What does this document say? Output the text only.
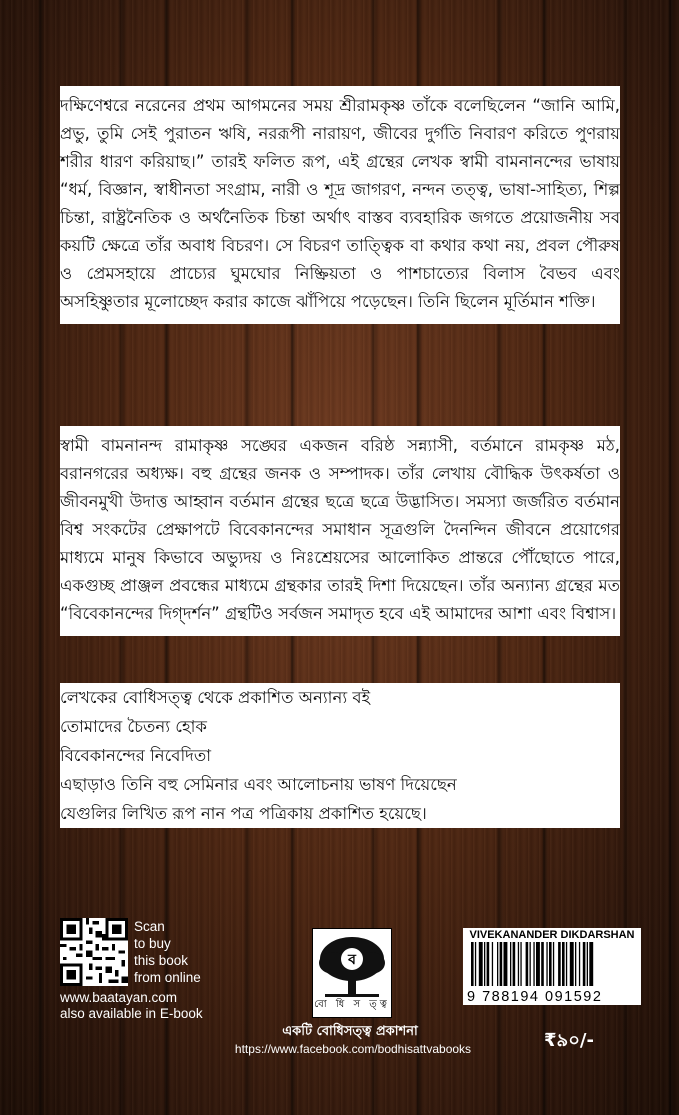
দক্ষিণেশ্বরে নরেনের প্রথম আগমনের সময় শ্রীরামকৃষ্ণ তাঁকে বলেছিলেন “জানি আমি, প্রভু, তুমি সেই পুরাতন ঋষি, নররূপী নারায়ণ, জীবের দুর্গতি নিবারণ করিতে পুণরায় শরীর ধারণ করিয়াছ।” তারই ফলিত রূপ, এই গ্রন্থের লেখক স্বামী বামনানন্দের ভাষায় “ধর্ম, বিজ্ঞান, স্বাধীনতা সংগ্রাম, নারী ও শূদ্র জাগরণ, নন্দন তত্ত্ব, ভাষা-সাহিত্য, শিল্প চিন্তা, রাষ্ট্রনৈতিক ও অর্থনৈতিক চিন্তা অর্থাৎ বাস্তব ব্যবহারিক জগতে প্রয়োজনীয় সব কয়টি ক্ষেত্রে তাঁর অবাধ বিচরণ। সে বিচরণ তাত্ত্বিক বা কথার কথা নয়, প্রবল পৌরুষ ও প্রেমসহায়ে প্রাচ্যের ঘুমঘোর নিষ্ক্রিয়তা ও পাশচাত্যের বিলাস বৈভব এবং অসহিষ্ণুতার মূলোচ্ছেদ করার কাজে ঝাঁপিয়ে পড়েছেন। তিনি ছিলেন মূর্তিমান শক্তি।
স্বামী বামনানন্দ রামাকৃষ্ণ সঙ্ঘের একজন বরিষ্ঠ সন্ন্যাসী, বর্তমানে রামকৃষ্ণ মঠ, বরানগরের অধ্যক্ষ। বহু গ্রন্থের জনক ও সম্পাদক। তাঁর লেখায় বৌদ্ধিক উৎকর্ষতা ও জীবনমুখী উদাত্ত আহ্বান বর্তমান গ্রন্থের ছত্রে ছত্রে উদ্ভাসিত। সমস্যা জর্জরিত বর্তমান বিশ্ব সংকটের প্রেক্ষাপটে বিবেকানন্দের সমাধান সূত্রগুলি দৈনন্দিন জীবনে প্রয়োগের মাধ্যমে মানুষ কিভাবে অভ্যুদয় ও নিঃশ্রেয়সের আলোকিত প্রান্তরে পৌঁছোতে পারে, একগুচ্ছ প্রাঞ্জল প্রবন্ধের মাধ্যমে গ্রন্থকার তারই দিশা দিয়েছেন। তাঁর অন্যান্য গ্রন্থের মত “বিবেকানন্দের দিগ্‌দর্শন” গ্রন্থটিও সর্বজন সমাদৃত হবে এই আমাদের আশা এবং বিশ্বাস।
লেখকের বোধিসত্ত্ব থেকে প্রকাশিত অন্যান্য বই
তোমাদের চৈতন্য হোক
বিবেকানন্দের নিবেদিতা
এছাড়াও তিনি বহু সেমিনার এবং আলোচনায় ভাষণ দিয়েছেন
যেগুলির লিখিত রূপ নান পত্র পত্রিকায় প্রকাশিত হয়েছে।
Scan
to buy
this book
from online
www.baatayan.com
also available in E-book
ব
বো ধি স ত্ত্ব
একটি বোধিসত্ত্ব প্রকাশনা
https://www.facebook.com/bodhisattvabooks
VIVEKANANDER DIKDARSHAN
9 788194 091592
₹৯০/-
